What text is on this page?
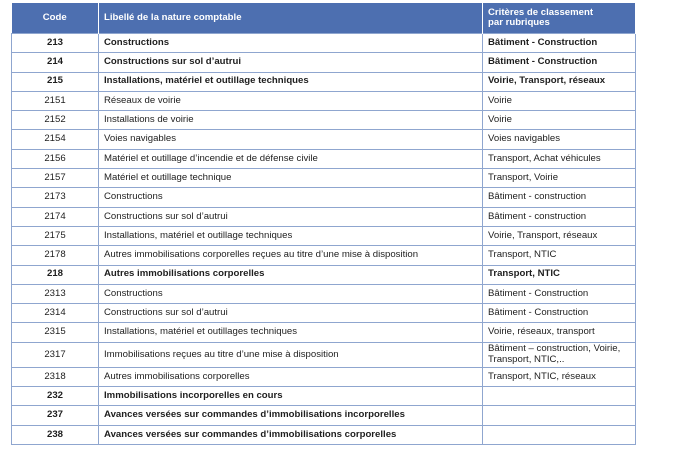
Code	Libellé de la nature comptable	Critères de classement
par rubriques
213	Constructions	Bâtiment - Construction
214	Constructions sur sol d’autrui	Bâtiment - Construction
215	Installations, matériel et outillage techniques	Voirie, Transport, réseaux
2151	Réseaux de voirie	Voirie
2152	Installations de voirie	Voirie
2154	Voies navigables	Voies navigables
2156	Matériel et outillage d’incendie et de défense civile	Transport, Achat véhicules
2157	Matériel et outillage technique	Transport, Voirie
2173	Constructions	Bâtiment - construction
2174	Constructions sur sol d’autrui	Bâtiment - construction
2175	Installations, matériel et outillage techniques	Voirie, Transport, réseaux
2178	Autres immobilisations corporelles reçues au titre d’une mise à disposition	Transport, NTIC
218	Autres immobilisations corporelles	Transport, NTIC
2313	Constructions	Bâtiment - Construction
2314	Constructions sur sol d’autrui	Bâtiment - Construction
2315	Installations, matériel et outillages techniques	Voirie, réseaux, transport
2317	Immobilisations reçues au titre d’une mise à disposition	Bâtiment – construction, Voirie, Transport, NTIC,..
2318	Autres immobilisations corporelles	Transport, NTIC, réseaux
232	Immobilisations incorporelles en cours	
237	Avances versées sur commandes d’immobilisations incorporelles	
238	Avances versées sur commandes d’immobilisations corporelles	
